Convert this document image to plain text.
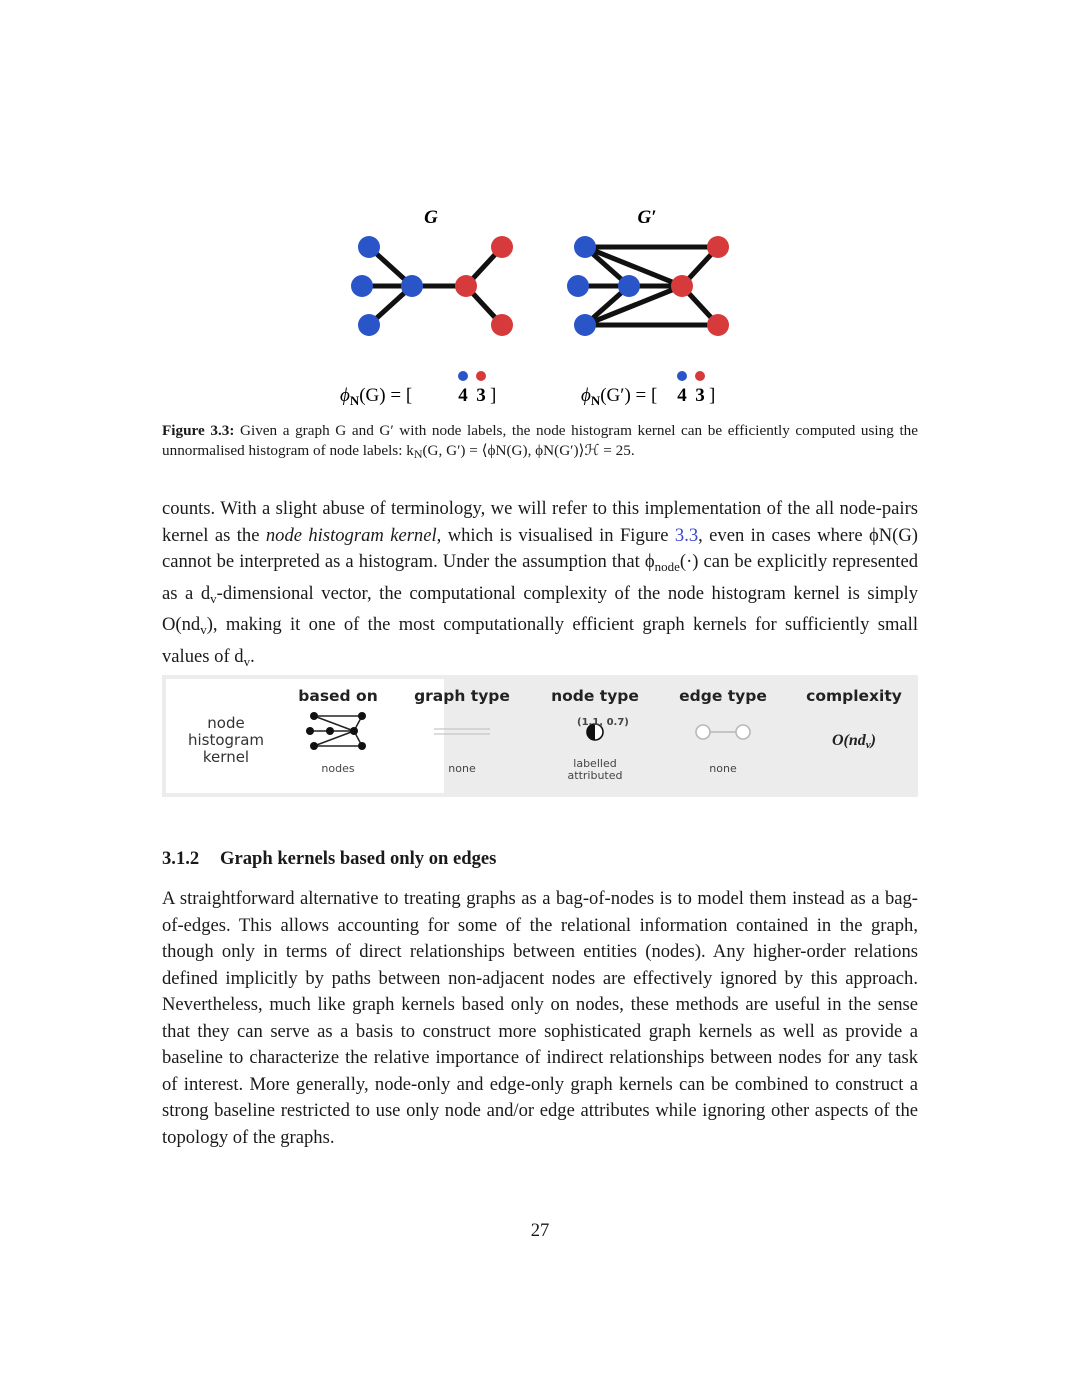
G	G′
$\phi_N(G)$ = [ 4 3 ]	$\phi_N(G')$ = [ 4 3 ]
Figure 3.3: Given a graph G and G′ with node labels, the node histogram kernel can be efficiently computed using the unnormalised histogram of node labels: $k_N(G$, G′) = ⟨ϕN(G), ϕN(G′)⟩ℋ = 25.

counts. With a slight abuse of terminology, we will refer to this implementation of the all node-pairs kernel as the node histogram kernel, which is visualised in Figure 3.3, even in cases where ϕN(G) cannot be interpreted as a histogram. Under the assumption that $\phi_{node}(\cdot)$ can be explicitly represented as a $d_v$-dimensional vector, the computational complexity of the node histogram kernel is simply $O(nd_v)$, making it one of the most computationally efficient graph kernels for sufficiently small values of $d_v$.

node
histogram
kernel
based on
nodes
graph type
none
node type
(1.1, 0.7)
labelled
attributed
edge type
none
complexity
O(ndv)
3.1.2 Graph kernels based only on edges

A straightforward alternative to treating graphs as a bag-of-nodes is to model them instead as a bag-of-edges. This allows accounting for some of the relational information contained in the graph, though only in terms of direct relationships between entities (nodes). Any higher-order relations defined implicitly by paths between non-adjacent nodes are effectively ignored by this approach. Nevertheless, much like graph kernels based only on nodes, these methods are useful in the sense that they can serve as a basis to construct more sophisticated graph kernels as well as provide a baseline to characterize the relative importance of indirect relationships between nodes for any task of interest. More generally, node-only and edge-only graph kernels can be combined to construct a strong baseline restricted to use only node and/or edge attributes while ignoring other aspects of the topology of the graphs.

27
